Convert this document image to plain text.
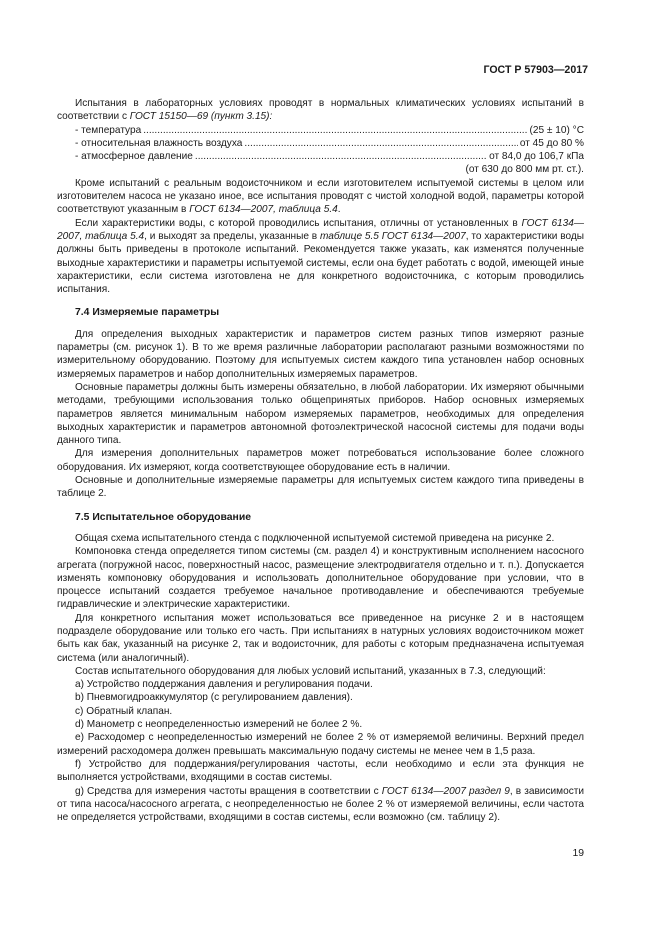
ГОСТ Р 57903—2017

Испытания в лабораторных условиях проводят в нормальных климатических условиях испытаний в соответствии с ГОСТ 15150—69 (пункт 3.15):

- температура .....	(25 ± 10) °С
- относительная влажность воздуха .....	от 45 до 80 %
- атмосферное давление .....	от 84,0 до 106,7 кПа
(от 630 до 800 мм рт. ст.).

Кроме испытаний с реальным водоисточником и если изготовителем испытуемой системы в целом или изготовителем насоса не указано иное, все испытания проводят с чистой холодной водой, параметры которой соответствуют указанным в ГОСТ 6134—2007, таблица 5.4.

Если характеристики воды, с которой проводились испытания, отличны от установленных в ГОСТ 6134—2007, таблица 5.4, и выходят за пределы, указанные в таблице 5.5 ГОСТ 6134—2007, то характеристики воды должны быть приведены в протоколе испытаний. Рекомендуется также указать, как изменятся полученные выходные характеристики и параметры испытуемой системы, если она будет работать с водой, имеющей иные характеристики, если система изготовлена не для конкретного водоисточника, с которым проводились испытания.

7.4 Измеряемые параметры

Для определения выходных характеристик и параметров систем разных типов измеряют разные параметры (см. рисунок 1). В то же время различные лаборатории располагают разными возможностями по измерительному оборудованию. Поэтому для испытуемых систем каждого типа установлен набор основных измеряемых параметров и набор дополнительных измеряемых параметров.

Основные параметры должны быть измерены обязательно, в любой лаборатории. Их измеряют обычными методами, требующими использования только общепринятых приборов. Набор основных измеряемых параметров является минимальным набором измеряемых параметров, необходимых для определения выходных характеристик и параметров автономной фотоэлектрической насосной системы для подачи воды данного типа.

Для измерения дополнительных параметров может потребоваться использование более сложного оборудования. Их измеряют, когда соответствующее оборудование есть в наличии.

Основные и дополнительные измеряемые параметры для испытуемых систем каждого типа приведены в таблице 2.

7.5 Испытательное оборудование

Общая схема испытательного стенда с подключенной испытуемой системой приведена на рисунке 2.

Компоновка стенда определяется типом системы (см. раздел 4) и конструктивным исполнением насосного агрегата (погружной насос, поверхностный насос, размещение электродвигателя отдельно и т. п.). Допускается изменять компоновку оборудования и использовать дополнительное оборудование при условии, что в процессе испытаний создается требуемое начальное противодавление и обеспечиваются требуемые гидравлические и электрические характеристики.

Для конкретного испытания может использоваться все приведенное на рисунке 2 и в настоящем подразделе оборудование или только его часть. При испытаниях в натурных условиях водоисточником может быть как бак, указанный на рисунке 2, так и водоисточник, для работы с которым предназначена испытуемая система (или аналогичный).

Состав испытательного оборудования для любых условий испытаний, указанных в 7.3, следующий:

а) Устройство поддержания давления и регулирования подачи.

b) Пневмогидроаккумулятор (с регулированием давления).

c) Обратный клапан.

d) Манометр с неопределенностью измерений не более 2 %.

e) Расходомер с неопределенностью измерений не более 2 % от измеряемой величины. Верхний предел измерений расходомера должен превышать максимальную подачу системы не менее чем в 1,5 раза.

f) Устройство для поддержания/регулирования частоты, если необходимо и если эта функция не выполняется устройствами, входящими в состав системы.

g) Средства для измерения частоты вращения в соответствии с ГОСТ 6134—2007 раздел 9, в зависимости от типа насоса/насосного агрегата, с неопределенностью не более 2 % от измеряемой величины, если частота не определяется устройствами, входящими в состав системы, если возможно (см. таблицу 2).

19
